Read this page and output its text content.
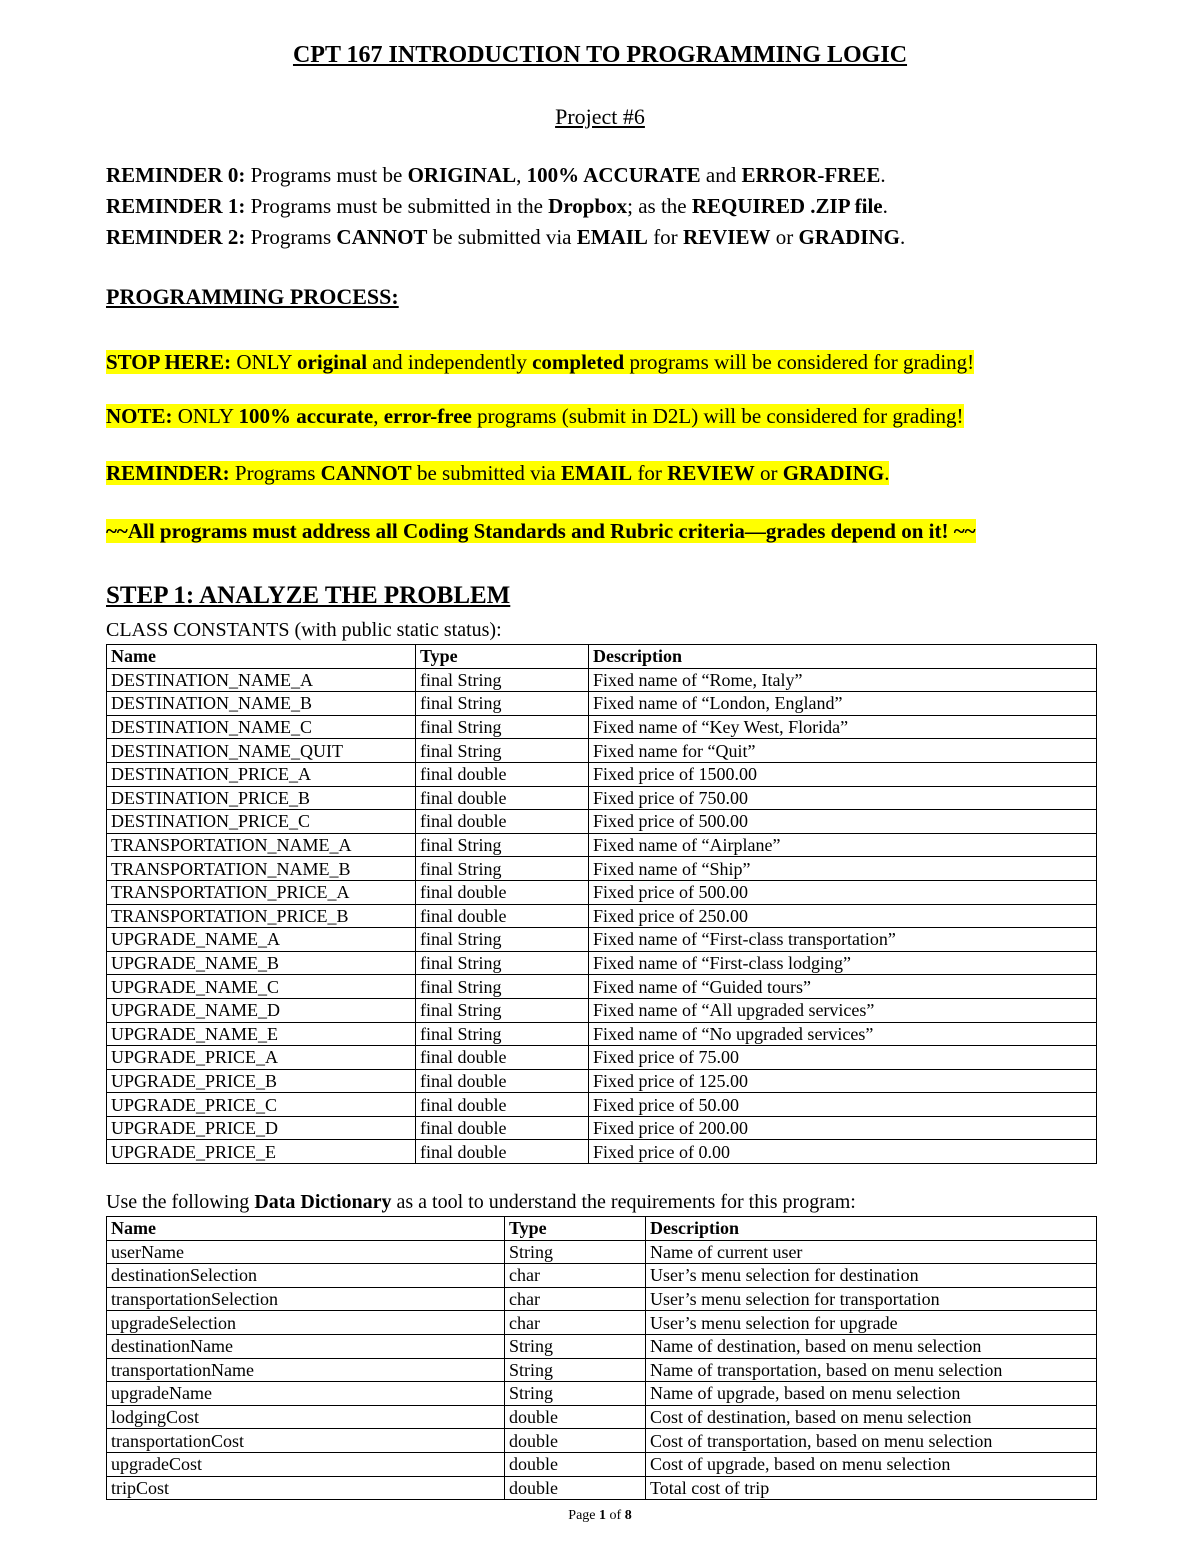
CPT 167 INTRODUCTION TO PROGRAMMING LOGIC
Project #6
REMINDER 0: Programs must be ORIGINAL, 100% ACCURATE and ERROR-FREE.
REMINDER 1: Programs must be submitted in the Dropbox; as the REQUIRED .ZIP file.
REMINDER 2: Programs CANNOT be submitted via EMAIL for REVIEW or GRADING.
PROGRAMMING PROCESS:
STOP HERE: ONLY original and independently completed programs will be considered for grading!
NOTE: ONLY 100% accurate, error-free programs (submit in D2L) will be considered for grading!
REMINDER: Programs CANNOT be submitted via EMAIL for REVIEW or GRADING.
~~All programs must address all Coding Standards and Rubric criteria—grades depend on it! ~~
STEP 1: ANALYZE THE PROBLEM
CLASS CONSTANTS (with public static status):
Name	Type	Description
DESTINATION_NAME_A	final String	Fixed name of “Rome, Italy”
DESTINATION_NAME_B	final String	Fixed name of “London, England”
DESTINATION_NAME_C	final String	Fixed name of “Key West, Florida”
DESTINATION_NAME_QUIT	final String	Fixed name for “Quit”
DESTINATION_PRICE_A	final double	Fixed price of 1500.00
DESTINATION_PRICE_B	final double	Fixed price of 750.00
DESTINATION_PRICE_C	final double	Fixed price of 500.00
TRANSPORTATION_NAME_A	final String	Fixed name of “Airplane”
TRANSPORTATION_NAME_B	final String	Fixed name of “Ship”
TRANSPORTATION_PRICE_A	final double	Fixed price of 500.00
TRANSPORTATION_PRICE_B	final double	Fixed price of 250.00
UPGRADE_NAME_A	final String	Fixed name of “First-class transportation”
UPGRADE_NAME_B	final String	Fixed name of “First-class lodging”
UPGRADE_NAME_C	final String	Fixed name of “Guided tours”
UPGRADE_NAME_D	final String	Fixed name of “All upgraded services”
UPGRADE_NAME_E	final String	Fixed name of “No upgraded services”
UPGRADE_PRICE_A	final double	Fixed price of 75.00
UPGRADE_PRICE_B	final double	Fixed price of 125.00
UPGRADE_PRICE_C	final double	Fixed price of 50.00
UPGRADE_PRICE_D	final double	Fixed price of 200.00
UPGRADE_PRICE_E	final double	Fixed price of 0.00
Use the following Data Dictionary as a tool to understand the requirements for this program:
Name	Type	Description
userName	String	Name of current user
destinationSelection	char	User’s menu selection for destination
transportationSelection	char	User’s menu selection for transportation
upgradeSelection	char	User’s menu selection for upgrade
destinationName	String	Name of destination, based on menu selection
transportationName	String	Name of transportation, based on menu selection
upgradeName	String	Name of upgrade, based on menu selection
lodgingCost	double	Cost of destination, based on menu selection
transportationCost	double	Cost of transportation, based on menu selection
upgradeCost	double	Cost of upgrade, based on menu selection
tripCost	double	Total cost of trip
Page 1 of 8
